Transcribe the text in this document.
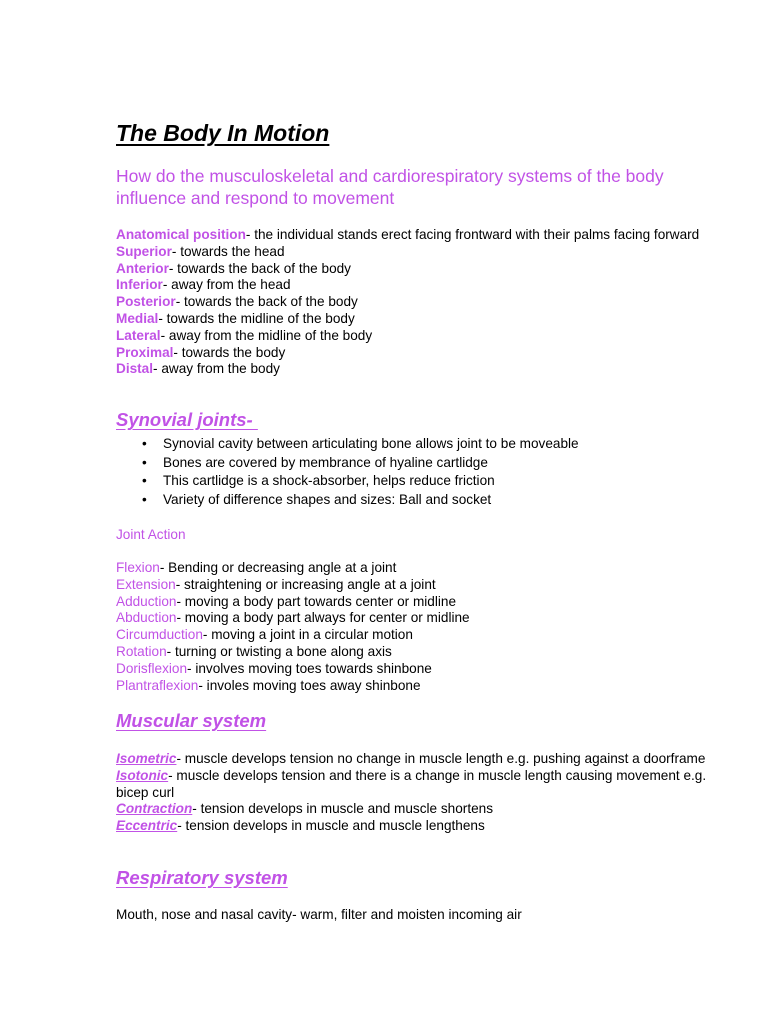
The Body In Motion

How do the musculoskeletal and cardiorespiratory systems of the body influence and respond to movement

Anatomical position- the individual stands erect facing frontward with their palms facing forward
Superior- towards the head
Anterior- towards the back of the body
Inferior- away from the head
Posterior- towards the back of the body
Medial- towards the midline of the body
Lateral- away from the midline of the body
Proximal- towards the body
Distal- away from the body
Synovial joints-
• Synovial cavity between articulating bone allows joint to be moveable
• Bones are covered by membrance of hyaline cartlidge
• This cartlidge is a shock-absorber, helps reduce friction
• Variety of difference shapes and sizes: Ball and socket
Joint Action
Flexion- Bending or decreasing angle at a joint
Extension- straightening or increasing angle at a joint
Adduction- moving a body part towards center or midline
Abduction- moving a body part always for center or midline
Circumduction- moving a joint in a circular motion
Rotation- turning or twisting a bone along axis
Dorisflexion- involves moving toes towards shinbone
Plantraflexion- involes moving toes away shinbone
Muscular system
Isometric- muscle develops tension no change in muscle length e.g. pushing against a doorframe
Isotonic- muscle develops tension and there is a change in muscle length causing movement e.g. bicep curl
Contraction- tension develops in muscle and muscle shortens
Eccentric- tension develops in muscle and muscle lengthens
Respiratory system
Mouth, nose and nasal cavity- warm, filter and moisten incoming air
